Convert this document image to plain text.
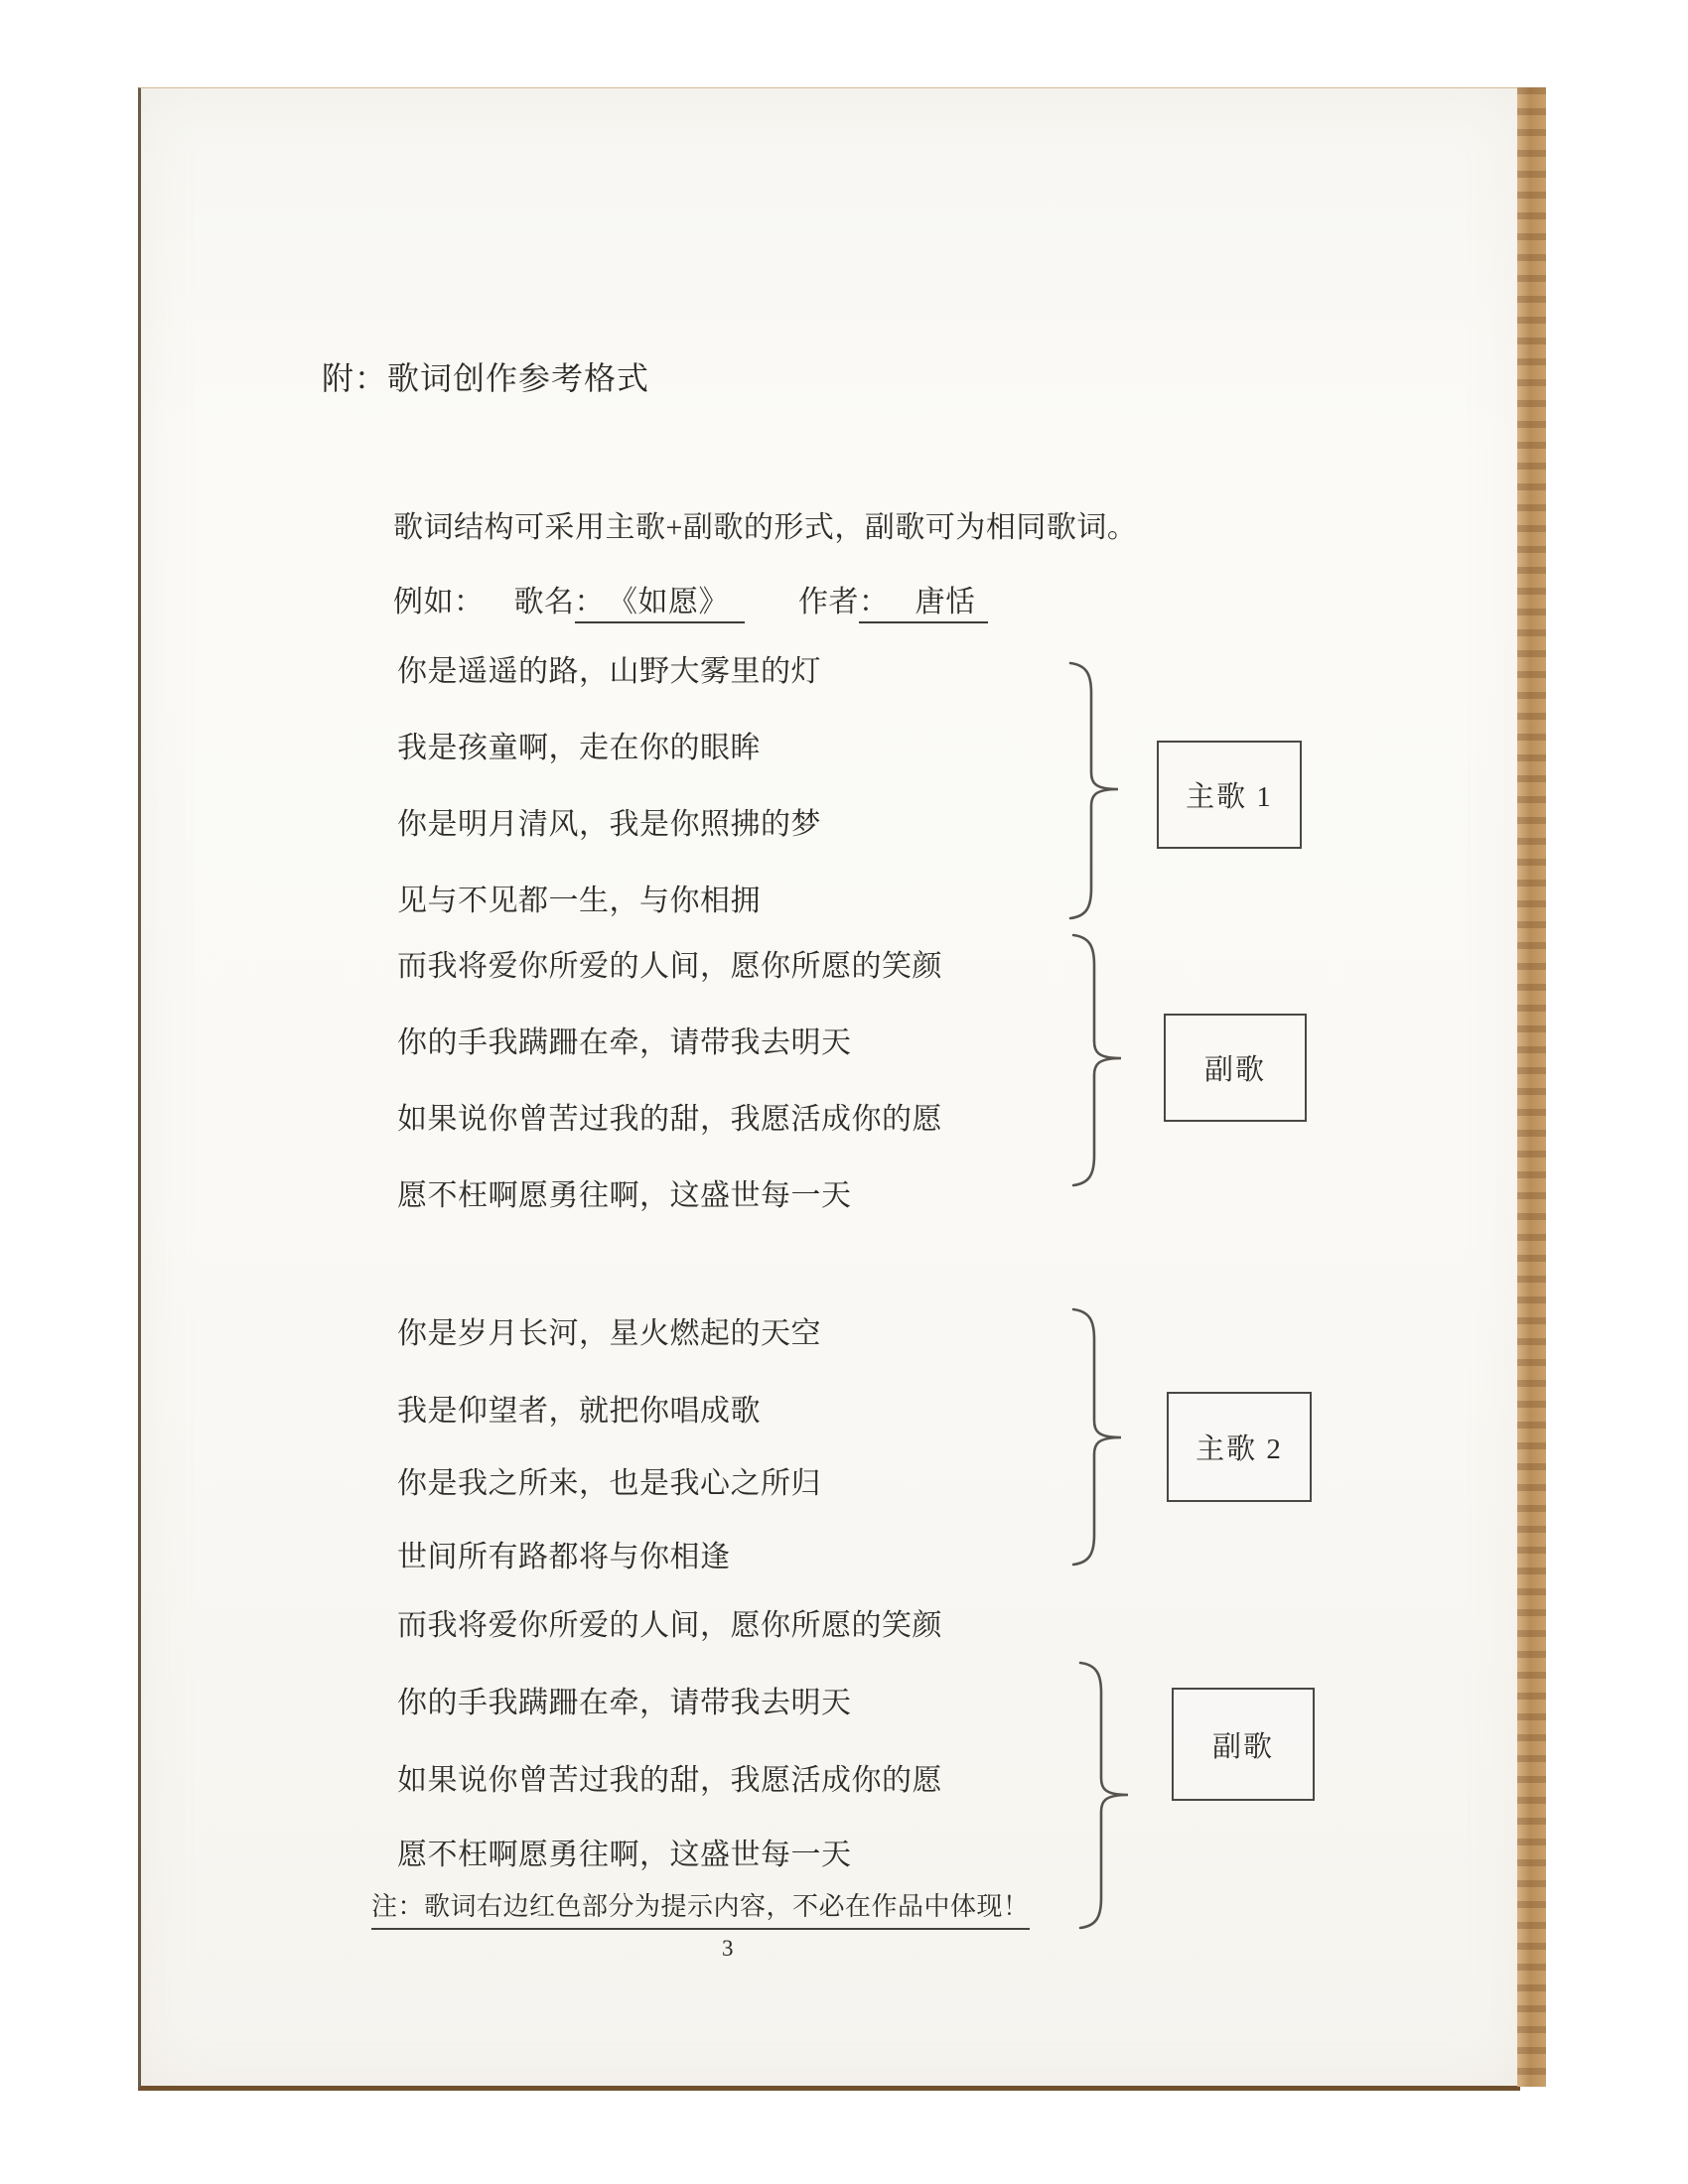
附：歌词创作参考格式
歌词结构可采用主歌+副歌的形式，副歌可为相同歌词。
例如： 歌名： 《如愿》 作者： 唐恬
你是遥遥的路，山野大雾里的灯
我是孩童啊，走在你的眼眸
你是明月清风，我是你照拂的梦
见与不见都一生，与你相拥
而我将爱你所爱的人间，愿你所愿的笑颜
你的手我蹒跚在牵，请带我去明天
如果说你曾苦过我的甜，我愿活成你的愿
愿不枉啊愿勇往啊，这盛世每一天
你是岁月长河，星火燃起的天空
我是仰望者，就把你唱成歌
你是我之所来，也是我心之所归
世间所有路都将与你相逢
而我将爱你所爱的人间，愿你所愿的笑颜
你的手我蹒跚在牵，请带我去明天
如果说你曾苦过我的甜，我愿活成你的愿
愿不枉啊愿勇往啊，这盛世每一天
主歌 1
副歌
主歌 2
副歌
注：歌词右边红色部分为提示内容，不必在作品中体现！
3
